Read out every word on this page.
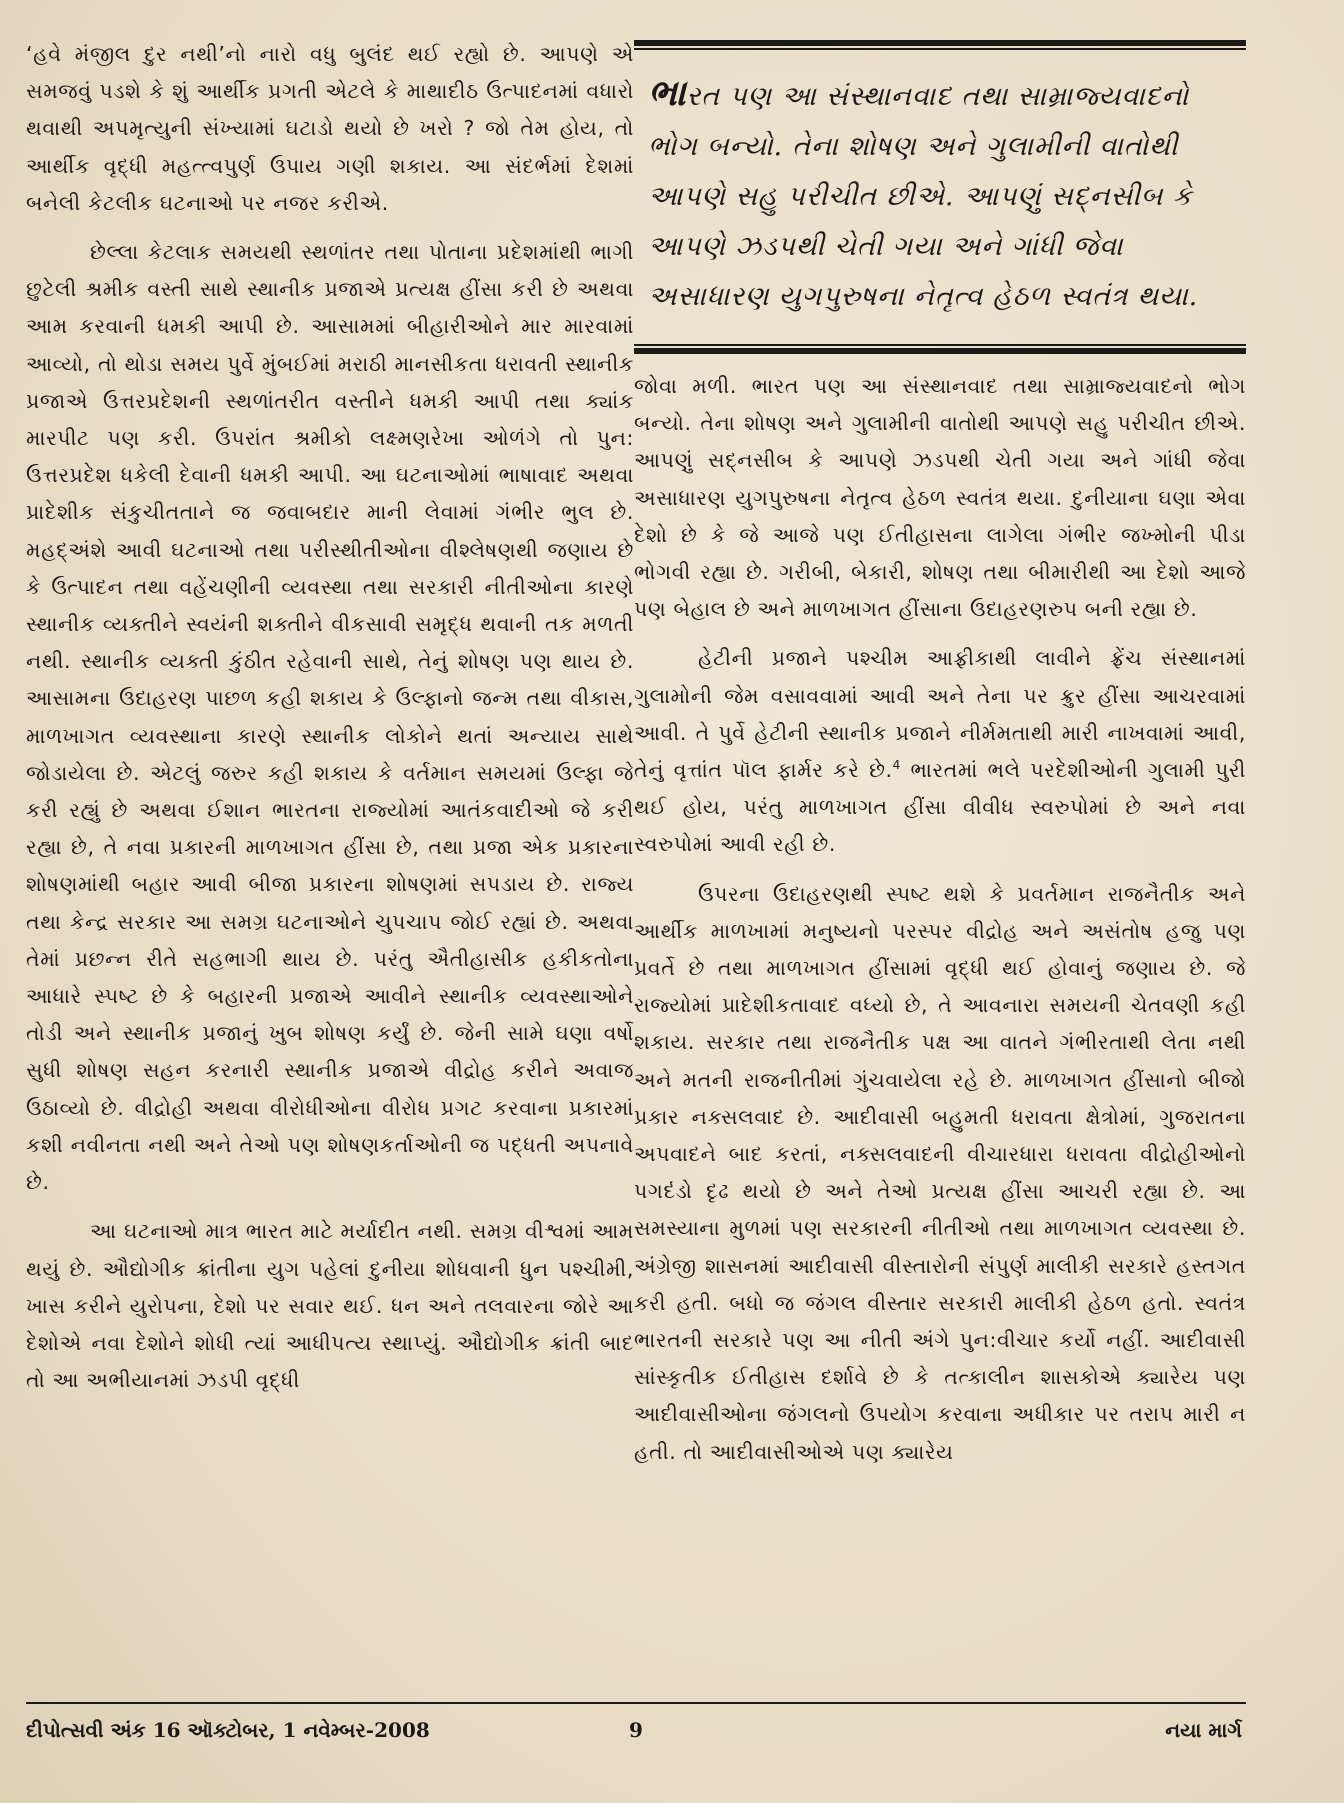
‘હવે મંજીલ દુર નથી’નો નારો વધુ બુલંદ થઈ રહ્યો છે. આપણે એ સમજવું પડશે કે શું આર્થીક પ્રગતી એટલે કે માથાદીઠ ઉત્પાદનમાં વધારો થવાથી અપમૃત્યુની સંખ્યામાં ઘટાડો થયો છે ખરો ? જો તેમ હોય, તો આર્થીક વૃદ્ધી મહત્ત્વપુર્ણ ઉપાય ગણી શકાય. આ સંદર્ભમાં દેશમાં બનેલી કેટલીક ઘટનાઓ પર નજર કરીએ.

છેલ્લા કેટલાક સમયથી સ્થળાંતર તથા પોતાના પ્રદેશમાંથી ભાગી છુટેલી શ્રમીક વસ્તી સાથે સ્થાનીક પ્રજાએ પ્રત્યક્ષ હીંસા કરી છે અથવા આમ કરવાની ધમકી આપી છે. આસામમાં બીહારીઓને માર મારવામાં આવ્યો, તો થોડા સમય પુર્વે મુંબઈમાં મરાઠી માનસીકતા ધરાવતી સ્થાનીક પ્રજાએ ઉત્તરપ્રદેશની સ્થળાંતરીત વસ્તીને ધમકી આપી તથા ક્યાંક મારપીટ પણ કરી. ઉપરાંત શ્રમીકો લક્ષ્મણરેખા ઓળંગે તો પુન: ઉત્તરપ્રદેશ ધકેલી દેવાની ધમકી આપી. આ ઘટનાઓમાં ભાષાવાદ અથવા પ્રાદેશીક સંકુચીતતાને જ જવાબદાર માની લેવામાં ગંભીર ભુલ છે. મહદ્અંશે આવી ઘટનાઓ તથા પરીસ્થીતીઓના વીશ્લેષણથી જણાય છે કે ઉત્પાદન તથા વહેંચણીની વ્યવસ્થા તથા સરકારી નીતીઓના કારણે સ્થાનીક વ્યક્તીને સ્વયંની શક્તીને વીકસાવી સમૃદ્ધ થવાની તક મળતી નથી. સ્થાનીક વ્યક્તી કુંઠીત રહેવાની સાથે, તેનું શોષણ પણ થાય છે. આસામના ઉદાહરણ પાછળ કહી શકાય કે ઉલ્ફાનો જન્મ તથા વીકાસ, માળખાગત વ્યવસ્થાના કારણે સ્થાનીક લોકોને થતાં અન્યાય સાથે જોડાયેલા છે. એટલું જરુર કહી શકાય કે વર્તમાન સમયમાં ઉલ્ફા જે કરી રહ્યું છે અથવા ઈશાન ભારતના રાજ્યોમાં આતંકવાદીઓ જે કરી રહ્યા છે, તે નવા પ્રકારની માળખાગત હીંસા છે, તથા પ્રજા એક પ્રકારના શોષણમાંથી બહાર આવી બીજા પ્રકારના શોષણમાં સપડાય છે. રાજ્ય તથા કેન્દ્ર સરકાર આ સમગ્ર ઘટનાઓને ચુપચાપ જોઈ રહ્યાં છે. અથવા તેમાં પ્રછન્ન રીતે સહભાગી થાય છે. પરંતુ ઐતીહાસીક હકીકતોના આધારે સ્પષ્ટ છે કે બહારની પ્રજાએ આવીને સ્થાનીક વ્યવસ્થાઓને તોડી અને સ્થાનીક પ્રજાનું ખુબ શોષણ કર્યું છે. જેની સામે ઘણા વર્ષો સુધી શોષણ સહન કરનારી સ્થાનીક પ્રજાએ વીદ્રોહ કરીને અવાજ ઉઠાવ્યો છે. વીદ્રોહી અથવા વીરોધીઓના વીરોધ પ્રગટ કરવાના પ્રકારમાં કશી નવીનતા નથી અને તેઓ પણ શોષણકર્તાઓની જ પદ્ધતી અપનાવે છે.

આ ઘટનાઓ માત્ર ભારત માટે મર્યાદીત નથી. સમગ્ર વીશ્વમાં આમ થયું છે. ઔદ્યોગીક ક્રાંતીના યુગ પહેલાં દુનીયા શોધવાની ધુન પશ્ચીમી, ખાસ કરીને યુરોપના, દેશો પર સવાર થઈ. ધન અને તલવારના જોરે આ દેશોએ નવા દેશોને શોધી ત્યાં આધીપત્ય સ્થાપ્યું. ઔદ્યોગીક ક્રાંતી બાદ તો આ અભીયાનમાં ઝડપી વૃદ્ધી

ભારત પણ આ સંસ્થાનવાદ તથા સામ્રાજ્યવાદનો ભોગ બન્યો. તેના શોષણ અને ગુલામીની વાતોથી આપણે સહુ પરીચીત છીએ. આપણું સદ્નસીબ કે આપણે ઝડપથી ચેતી ગયા અને ગાંધી જેવા અસાધારણ યુગપુરુષના નેતૃત્વ હેઠળ સ્વતંત્ર થયા.

જોવા મળી. ભારત પણ આ સંસ્થાનવાદ તથા સામ્રાજ્યવાદનો ભોગ બન્યો. તેના શોષણ અને ગુલામીની વાતોથી આપણે સહુ પરીચીત છીએ. આપણું સદ્નસીબ કે આપણે ઝડપથી ચેતી ગયા અને ગાંધી જેવા અસાધારણ યુગપુરુષના નેતૃત્વ હેઠળ સ્વતંત્ર થયા. દુનીયાના ઘણા એવા દેશો છે કે જે આજે પણ ઈતીહાસના લાગેલા ગંભીર જખ્મોની પીડા ભોગવી રહ્યા છે. ગરીબી, બેકારી, શોષણ તથા બીમારીથી આ દેશો આજે પણ બેહાલ છે અને માળખાગત હીંસાના ઉદાહરણરુપ બની રહ્યા છે.

હેટીની પ્રજાને પશ્ચીમ આફ્રીકાથી લાવીને ફ્રેંચ સંસ્થાનમાં ગુલામોની જેમ વસાવવામાં આવી અને તેના પર ક્રુર હીંસા આચરવામાં આવી. તે પુર્વે હેટીની સ્થાનીક પ્રજાને નીર્મમતાથી મારી નાખવામાં આવી, તેનું વૃત્તાંત પૉલ ફાર્મર કરે છે.$^4$ ભારતમાં ભલે પરદેશીઓની ગુલામી પુરી થઈ હોય, પરંતુ માળખાગત હીંસા વીવીધ સ્વરુપોમાં છે અને નવા સ્વરુપોમાં આવી રહી છે.

ઉપરના ઉદાહરણથી સ્પષ્ટ થશે કે પ્રવર્તમાન રાજનૈતીક અને આર્થીક માળખામાં મનુષ્યનો પરસ્પર વીદ્રોહ અને અસંતોષ હજુ પણ પ્રવર્તે છે તથા માળખાગત હીંસામાં વૃદ્ધી થઈ હોવાનું જણાય છે. જે રાજ્યોમાં પ્રાદેશીકતાવાદ વધ્યો છે, તે આવનારા સમયની ચેતવણી કહી શકાય. સરકાર તથા રાજનૈતીક પક્ષ આ વાતને ગંભીરતાથી લેતા નથી અને મતની રાજનીતીમાં ગુંચવાયેલા રહે છે. માળખાગત હીંસાનો બીજો પ્રકાર નક્સલવાદ છે. આદીવાસી બહુમતી ધરાવતા ક્ષેત્રોમાં, ગુજરાતના અપવાદને બાદ કરતાં, નક્સલવાદની વીચારધારા ધરાવતા વીદ્રોહીઓનો પગદંડો દૃઢ થયો છે અને તેઓ પ્રત્યક્ષ હીંસા આચરી રહ્યા છે. આ સમસ્યાના મુળમાં પણ સરકારની નીતીઓ તથા માળખાગત વ્યવસ્થા છે. અંગ્રેજી શાસનમાં આદીવાસી વીસ્તારોની સંપુર્ણ માલીકી સરકારે હસ્તગત કરી હતી. બધો જ જંગલ વીસ્તાર સરકારી માલીકી હેઠળ હતો. સ્વતંત્ર ભારતની સરકારે પણ આ નીતી અંગે પુન:વીચાર કર્યો નહીં. આદીવાસી સાંસ્કૃતીક ઈતીહાસ દર્શાવે છે કે તત્કાલીન શાસકોએ ક્યારેય પણ આદીવાસીઓના જંગલનો ઉપયોગ કરવાના અધીકાર પર તરાપ મારી ન હતી. તો આદીવાસીઓએ પણ ક્યારેય

દીપોત્સવી અંક 16 ઑક્ટોબર, 1 નવેમ્બર-2008	9	નયા માર્ગ
